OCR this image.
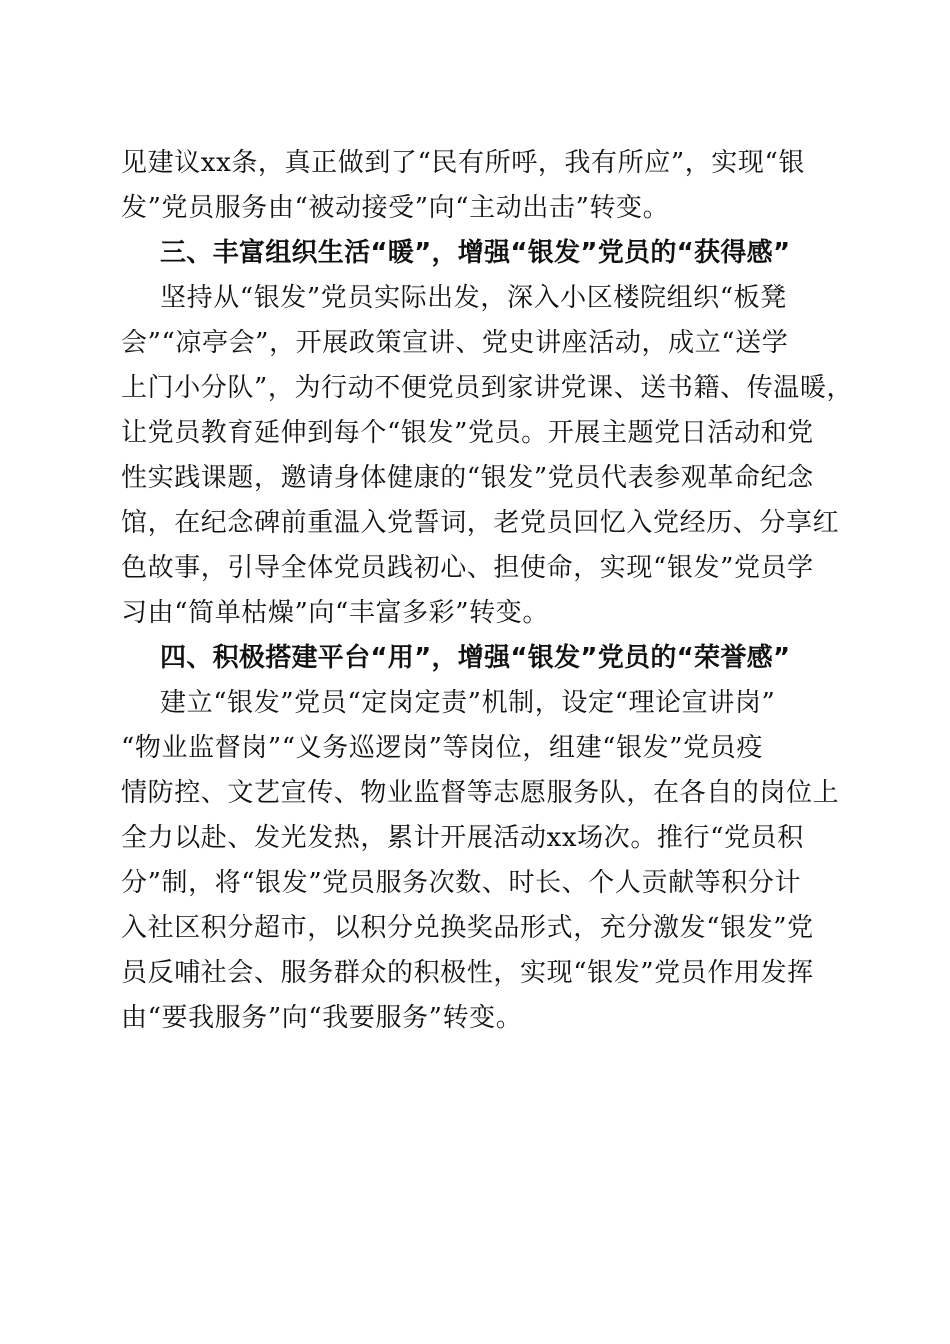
见建议xx条，真正做到了“民有所呼，我有所应”，实现“银
发”党员服务由“被动接受”向“主动出击”转变。
三、丰富组织生活“暖”，增强“银发”党员的“获得感”
坚持从“银发”党员实际出发，深入小区楼院组织“板凳
会”“凉亭会”，开展政策宣讲、党史讲座活动，成立“送学
上门小分队”，为行动不便党员到家讲党课、送书籍、传温暖，
让党员教育延伸到每个“银发”党员。开展主题党日活动和党
性实践课题，邀请身体健康的“银发”党员代表参观革命纪念
馆，在纪念碑前重温入党誓词，老党员回忆入党经历、分享红
色故事，引导全体党员践初心、担使命，实现“银发”党员学
习由“简单枯燥”向“丰富多彩”转变。
四、积极搭建平台“用”，增强“银发”党员的“荣誉感”
建立“银发”党员“定岗定责”机制，设定“理论宣讲岗”
“物业监督岗”“义务巡逻岗”等岗位，组建“银发”党员疫
情防控、文艺宣传、物业监督等志愿服务队，在各自的岗位上
全力以赴、发光发热，累计开展活动xx场次。推行“党员积
分”制，将“银发”党员服务次数、时长、个人贡献等积分计
入社区积分超市，以积分兑换奖品形式，充分激发“银发”党
员反哺社会、服务群众的积极性，实现“银发”党员作用发挥
由“要我服务”向“我要服务”转变。
